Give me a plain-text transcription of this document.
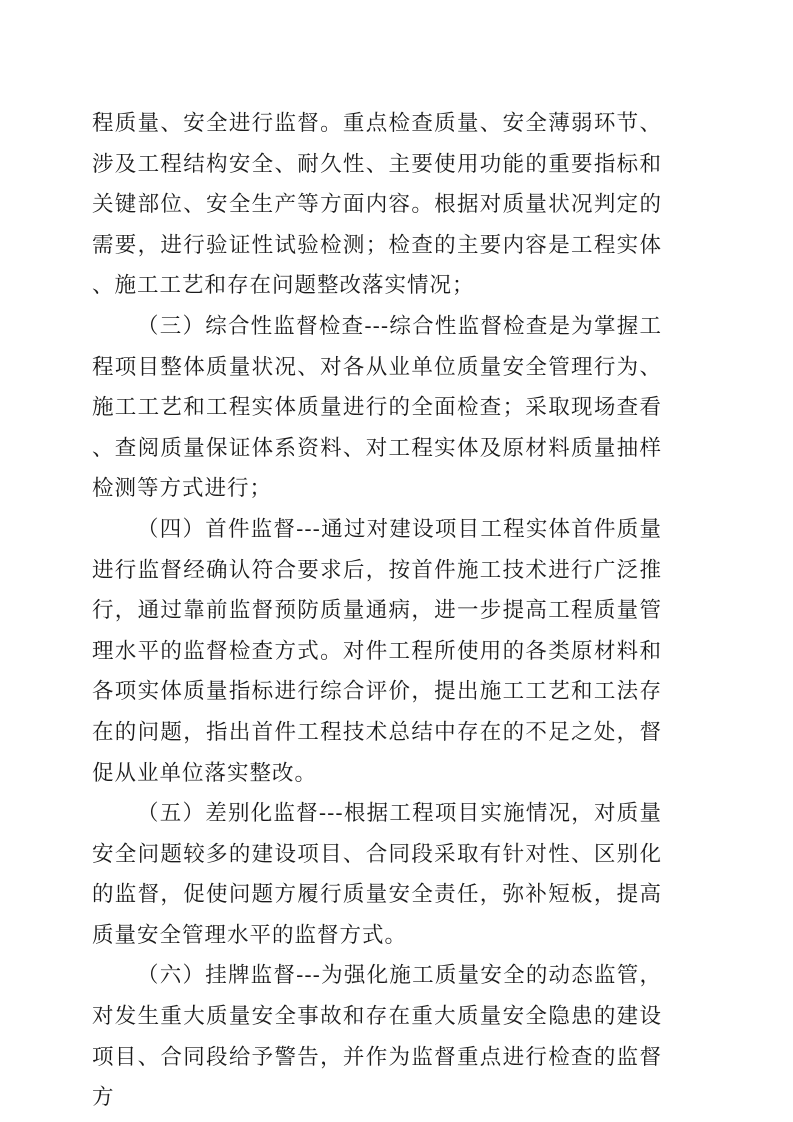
程质量、安全进行监督。重点检查质量、安全薄弱环节、涉及工程结构安全、耐久性、主要使用功能的重要指标和关键部位、安全生产等方面内容。根据对质量状况判定的需要，进行验证性试验检测；检查的主要内容是工程实体、施工工艺和存在问题整改落实情况；

（三）综合性监督检查---综合性监督检查是为掌握工程项目整体质量状况、对各从业单位质量安全管理行为、施工工艺和工程实体质量进行的全面检查；采取现场查看、查阅质量保证体系资料、对工程实体及原材料质量抽样检测等方式进行；

（四）首件监督---通过对建设项目工程实体首件质量进行监督经确认符合要求后，按首件施工技术进行广泛推行，通过靠前监督预防质量通病，进一步提高工程质量管理水平的监督检查方式。对件工程所使用的各类原材料和各项实体质量指标进行综合评价，提出施工工艺和工法存在的问题，指出首件工程技术总结中存在的不足之处，督促从业单位落实整改。

（五）差别化监督---根据工程项目实施情况，对质量安全问题较多的建设项目、合同段采取有针对性、区别化的监督，促使问题方履行质量安全责任，弥补短板，提高质量安全管理水平的监督方式。

（六）挂牌监督---为强化施工质量安全的动态监管，对发生重大质量安全事故和存在重大质量安全隐患的建设项目、合同段给予警告，并作为监督重点进行检查的监督方
